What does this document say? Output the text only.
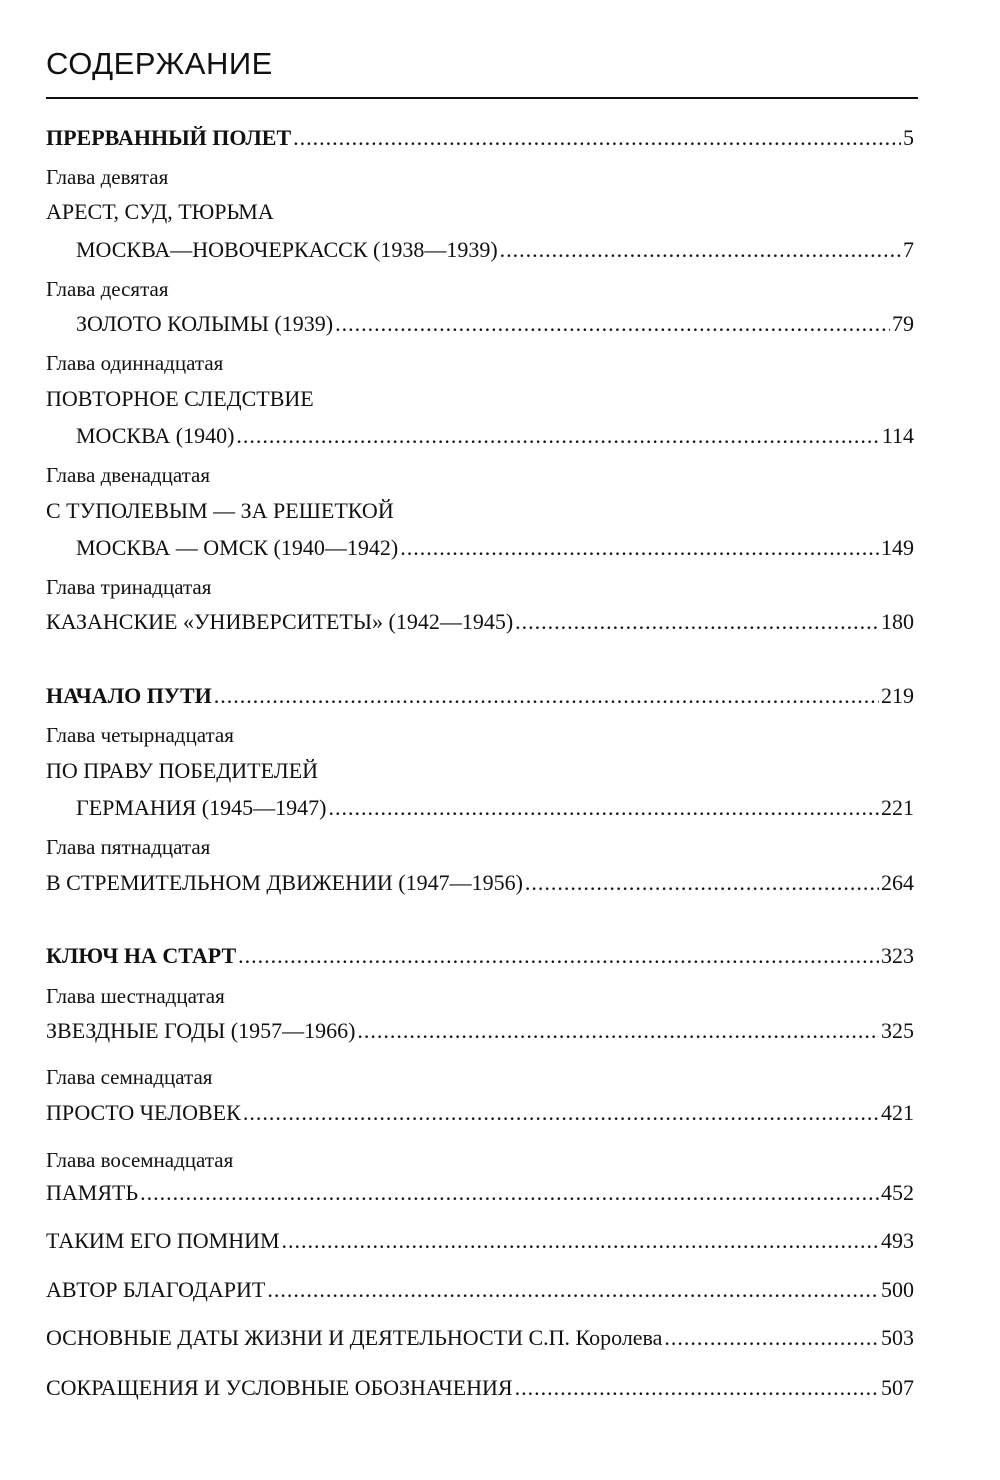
СОДЕРЖАНИЕ
ПРЕРВАННЫЙ ПОЛЕТ .....	5
Глава девятая
АРЕСТ, СУД, ТЮРЬМА
МОСКВА—НОВОЧЕРКАСCК (1938—1939) .....	7
Глава десятая
ЗОЛОТО КОЛЫМЫ (1939) .....	79
Глава одиннадцатая
ПОВТОРНОЕ СЛЕДСТВИЕ
МОСКВА (1940) .....	114
Глава двенадцатая
С ТУПОЛЕВЫМ — ЗА РЕШЕТКОЙ
МОСКВА — ОМСК (1940—1942) .....	149
Глава тринадцатая
КАЗАНСКИЕ «УНИВЕРСИТЕТЫ» (1942—1945) .....	180
НАЧАЛО ПУТИ .....	219
Глава четырнадцатая
ПО ПРАВУ ПОБЕДИТЕЛЕЙ
ГЕРМАНИЯ (1945—1947) .....	221
Глава пятнадцатая
В СТРЕМИТЕЛЬНОМ ДВИЖЕНИИ (1947—1956) .....	264
КЛЮЧ НА СТАРТ .....	323
Глава шестнадцатая
ЗВЕЗДНЫЕ ГОДЫ (1957—1966) .....	325
Глава семнадцатая
ПРОСТО ЧЕЛОВЕК .....	421
Глава восемнадцатая
ПАМЯТЬ .....	452
ТАКИМ ЕГО ПОМНИМ .....	493
АВТОР БЛАГОДАРИТ .....	500
ОСНОВНЫЕ ДАТЫ ЖИЗНИ И ДЕЯТЕЛЬНОСТИ С.П. Королева .....	503
СОКРАЩЕНИЯ И УСЛОВНЫЕ ОБОЗНАЧЕНИЯ .....	507
